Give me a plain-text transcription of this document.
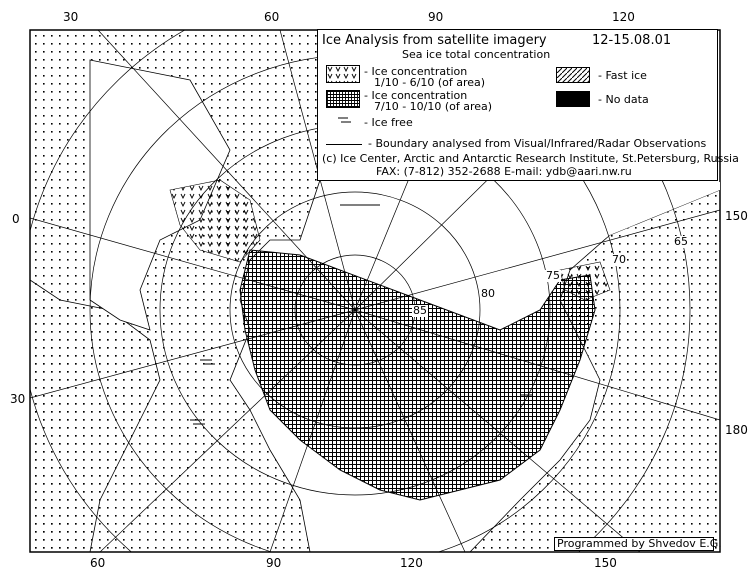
30	60	90	120
0
30
150
180
60	90	120	150
85
80
75
70
65
Ice Analysis from satellite imagery	12-15.08.01
Sea ice total concentration
- Ice concentration
1/10 - 6/10 (of area)
- Fast ice
- Ice concentration
7/10 - 10/10 (of area)
- No data
- Ice free
- Boundary analysed from Visual/Infrared/Radar Observations
(c) Ice Center, Arctic and Antarctic Research Institute, St.Petersburg, Russia
FAX: (7-812) 352-2688 E-mail: ydb@aari.nw.ru
Programmed by Shvedov E.G.
